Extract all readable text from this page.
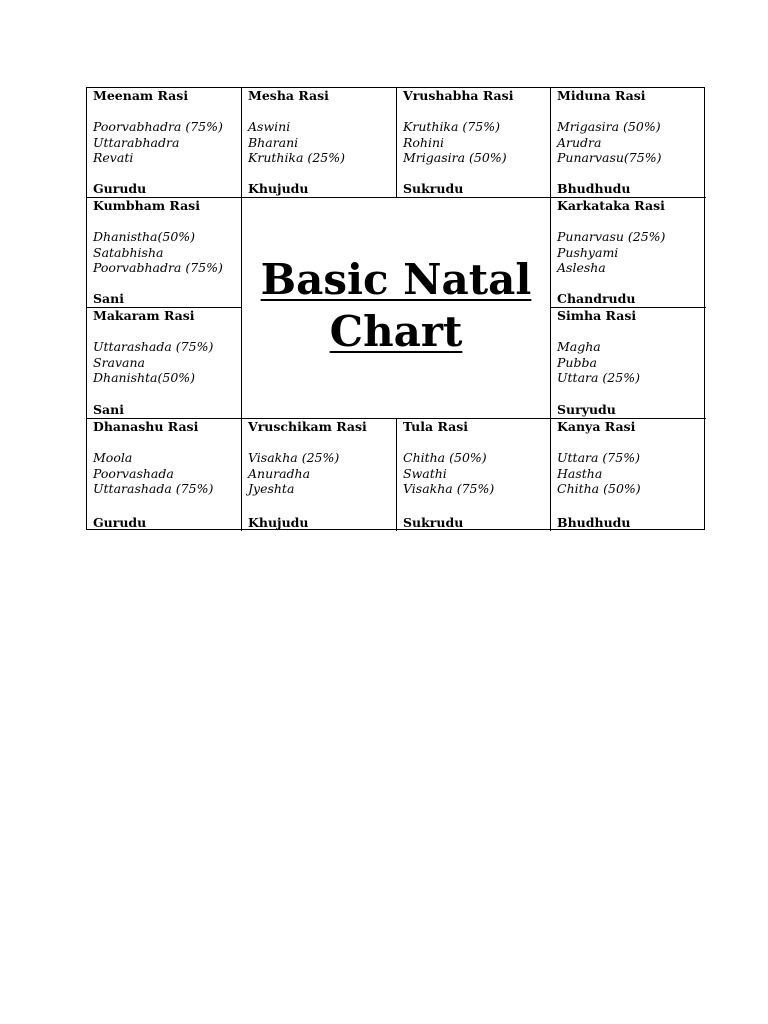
Meenam Rasi
Poorvabhadra (75%)
Uttarabhadra
Revati
Gurudu
Mesha Rasi
Aswini
Bharani
Kruthika (25%)
Khujudu
Vrushabha Rasi
Kruthika (75%)
Rohini
Mrigasira (50%)
Sukrudu
Miduna Rasi
Mrigasira (50%)
Arudra
Punarvasu(75%)
Bhudhudu
Kumbham Rasi
Dhanistha(50%)
Satabhisha
Poorvabhadra (75%)
Sani	Basic Natal
Chart
Karkataka Rasi
Punarvasu (25%)
Pushyami
Aslesha
Chandrudu
Makaram Rasi
Uttarashada (75%)
Sravana
Dhanishta(50%)
Sani
Simha Rasi
Magha
Pubba
Uttara (25%)
Suryudu
Dhanashu Rasi
Moola
Poorvashada
Uttarashada (75%)
Gurudu
Vruschikam Rasi
Visakha (25%)
Anuradha
Jyeshta
Khujudu
Tula Rasi
Chitha (50%)
Swathi
Visakha (75%)
Sukrudu
Kanya Rasi
Uttara (75%)
Hastha
Chitha (50%)
Bhudhudu
